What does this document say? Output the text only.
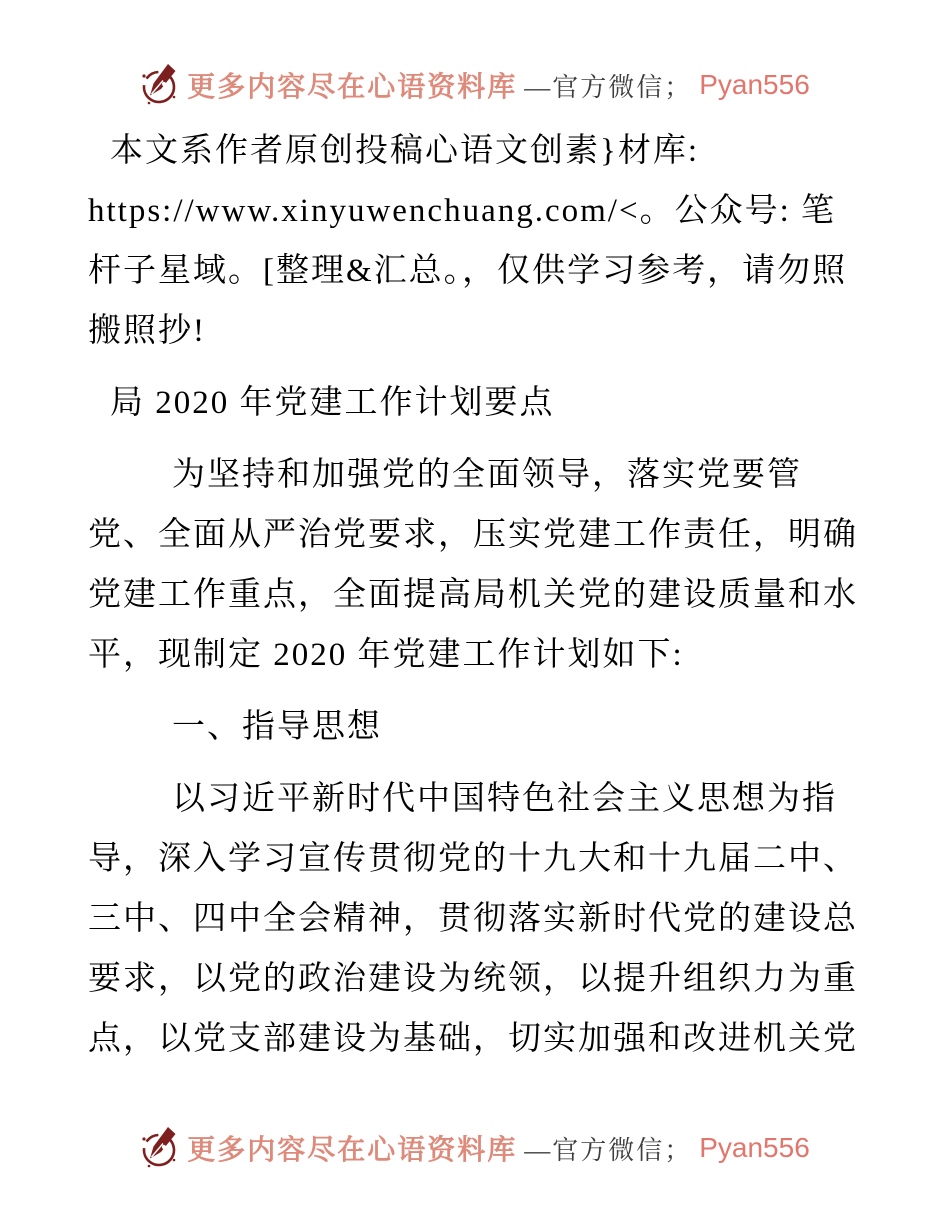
更多内容尽在心语资料库 —官方微信； Pyan556

本文系作者原创投稿心语文创素}材库:
https://www.xinyuwenchuang.com/<。公众号: 笔
杆子星域。[整理&汇总。，仅供学习参考，请勿照
搬照抄!

局 2020 年党建工作计划要点

为坚持和加强党的全面领导，落实党要管
党、全面从严治党要求，压实党建工作责任，明确
党建工作重点，全面提高局机关党的建设质量和水
平，现制定 2020 年党建工作计划如下:

一、指导思想

以习近平新时代中国特色社会主义思想为指
导，深入学习宣传贯彻党的十九大和十九届二中、
三中、四中全会精神，贯彻落实新时代党的建设总
要求，以党的政治建设为统领，以提升组织力为重
点，以党支部建设为基础，切实加强和改进机关党

更多内容尽在心语资料库 —官方微信； Pyan556
